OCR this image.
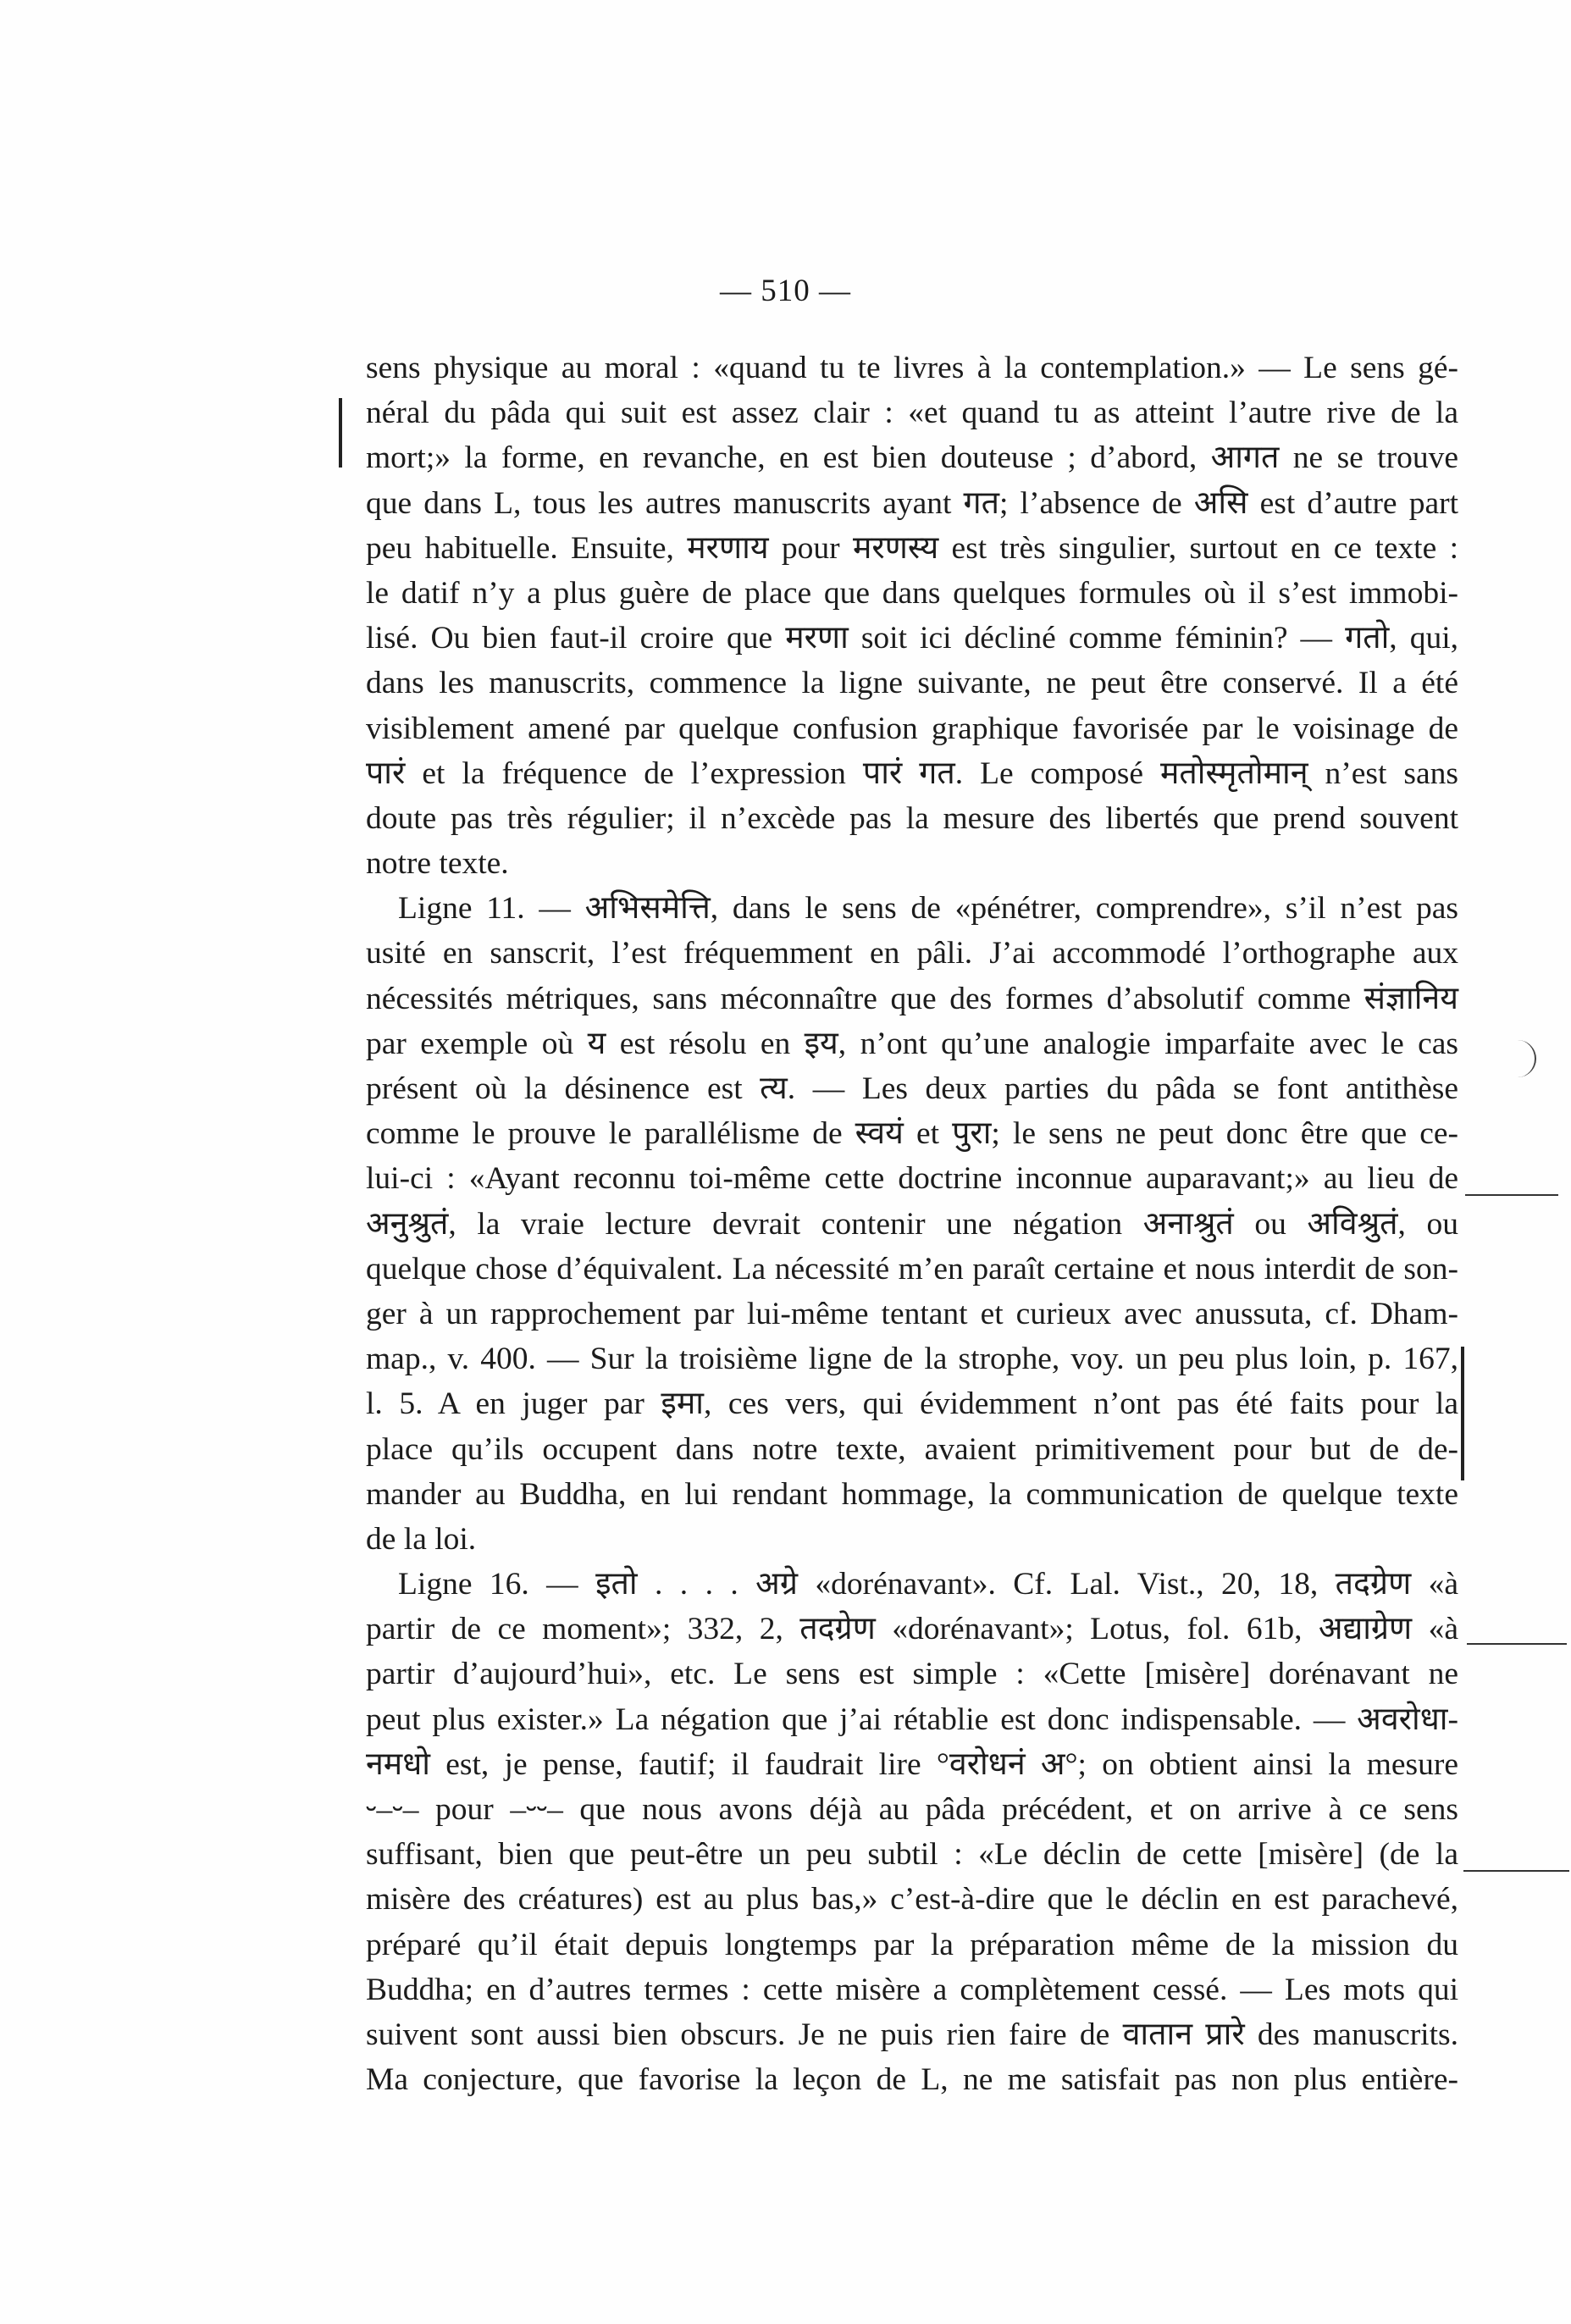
— 510 —
sens physique au moral : «quand tu te livres à la contemplation.» — Le sens gé-
néral du pâda qui suit est assez clair : «et quand tu as atteint l’autre rive de la
mort;» la forme, en revanche, en est bien douteuse ; d’abord, आगत ne se trouve
que dans L, tous les autres manuscrits ayant गत; l’absence de असि est d’autre part
peu habituelle. Ensuite, मरणाय pour मरणस्य est très singulier, surtout en ce texte :
le datif n’y a plus guère de place que dans quelques formules où il s’est immobi-
lisé. Ou bien faut-il croire que मरणा soit ici décliné comme féminin? — गतो, qui,
dans les manuscrits, commence la ligne suivante, ne peut être conservé. Il a été
visiblement amené par quelque confusion graphique favorisée par le voisinage de
पारं et la fréquence de l’expression पारं गत. Le composé मतोस्मृतोमान् n’est sans
doute pas très régulier; il n’excède pas la mesure des libertés que prend souvent
notre texte.
Ligne 11. — अभिसमेत्ति, dans le sens de «pénétrer, comprendre», s’il n’est pas
usité en sanscrit, l’est fréquemment en pâli. J’ai accommodé l’orthographe aux
nécessités métriques, sans méconnaître que des formes d’absolutif comme संज्ञानिय
par exemple où य est résolu en इय, n’ont qu’une analogie imparfaite avec le cas
présent où la désinence est त्य. — Les deux parties du pâda se font antithèse
comme le prouve le parallélisme de स्वयं et पुरा; le sens ne peut donc être que ce-
lui-ci : «Ayant reconnu toi-même cette doctrine inconnue auparavant;» au lieu de
अनुश्रुतं, la vraie lecture devrait contenir une négation अनाश्रुतं ou अविश्रुतं, ou
quelque chose d’équivalent. La nécessité m’en paraît certaine et nous interdit de son-
ger à un rapprochement par lui-même tentant et curieux avec anussuta, cf. Dham-
map., v. 400. — Sur la troisième ligne de la strophe, voy. un peu plus loin, p. 167,
l. 5. A en juger par इमा, ces vers, qui évidemment n’ont pas été faits pour la
place qu’ils occupent dans notre texte, avaient primitivement pour but de de-
mander au Buddha, en lui rendant hommage, la communication de quelque texte
de la loi.
Ligne 16. — इतो . . . . अग्रे «dorénavant». Cf. Lal. Vist., 20, 18, तदग्रेण «à
partir de ce moment»; 332, 2, तदग्रेण «dorénavant»; Lotus, fol. 61b, अद्याग्रेण «à
partir d’aujourd’hui», etc. Le sens est simple : «Cette [misère] dorénavant ne
peut plus exister.» La négation que j’ai rétablie est donc indispensable. — अवरोधा-
नमधो est, je pense, fautif; il faudrait lire °वरोधनं अ°; on obtient ainsi la mesure
⏑–⏑– pour –⏑⏑– que nous avons déjà au pâda précédent, et on arrive à ce sens
suffisant, bien que peut-être un peu subtil : «Le déclin de cette [misère] (de la
misère des créatures) est au plus bas,» c’est-à-dire que le déclin en est parachevé,
préparé qu’il était depuis longtemps par la préparation même de la mission du
Buddha; en d’autres termes : cette misère a complètement cessé. — Les mots qui
suivent sont aussi bien obscurs. Je ne puis rien faire de वातान प्रारे des manuscrits.
Ma conjecture, que favorise la leçon de L, ne me satisfait pas non plus entière-
